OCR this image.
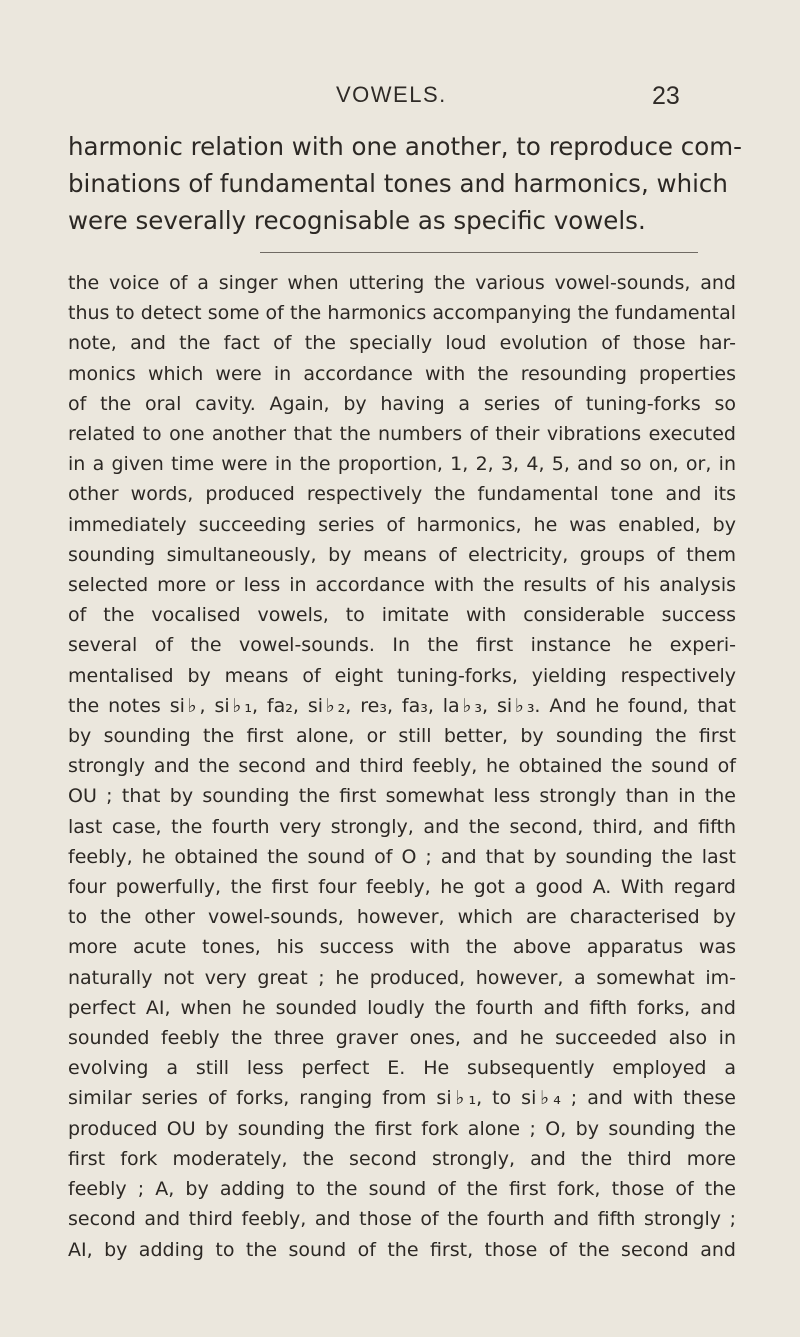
VOWELS.	23
harmonic relation with one another, to reproduce com-
binations of fundamental tones and harmonics, which
were severally recognisable as specific vowels.
the voice of a singer when uttering the various vowel-sounds, and
thus to detect some of the harmonics accompanying the fundamental
note, and the fact of the specially loud evolution of those har-
monics which were in accordance with the resounding properties
of the oral cavity. Again, by having a series of tuning-forks so
related to one another that the numbers of their vibrations executed
in a given time were in the proportion, 1, 2, 3, 4, 5, and so on, or, in
other words, produced respectively the fundamental tone and its
immediately succeeding series of harmonics, he was enabled, by
sounding simultaneously, by means of electricity, groups of them
selected more or less in accordance with the results of his analysis
of the vocalised vowels, to imitate with considerable success
several of the vowel-sounds. In the first instance he experi-
mentalised by means of eight tuning-forks, yielding respectively
the notes si♭, si♭₁, fa₂, si♭₂, re₃, fa₃, la♭₃, si♭₃. And he found, that
by sounding the first alone, or still better, by sounding the first
strongly and the second and third feebly, he obtained the sound of
OU ; that by sounding the first somewhat less strongly than in the
last case, the fourth very strongly, and the second, third, and fifth
feebly, he obtained the sound of O ; and that by sounding the last
four powerfully, the first four feebly, he got a good A. With regard
to the other vowel-sounds, however, which are characterised by
more acute tones, his success with the above apparatus was
naturally not very great ; he produced, however, a somewhat im-
perfect AI, when he sounded loudly the fourth and fifth forks, and
sounded feebly the three graver ones, and he succeeded also in
evolving a still less perfect E. He subsequently employed a
similar series of forks, ranging from si♭₁, to si♭₄ ; and with these
produced OU by sounding the first fork alone ; O, by sounding the
first fork moderately, the second strongly, and the third more
feebly ; A, by adding to the sound of the first fork, those of the
second and third feebly, and those of the fourth and fifth strongly ;
AI, by adding to the sound of the first, those of the second and
